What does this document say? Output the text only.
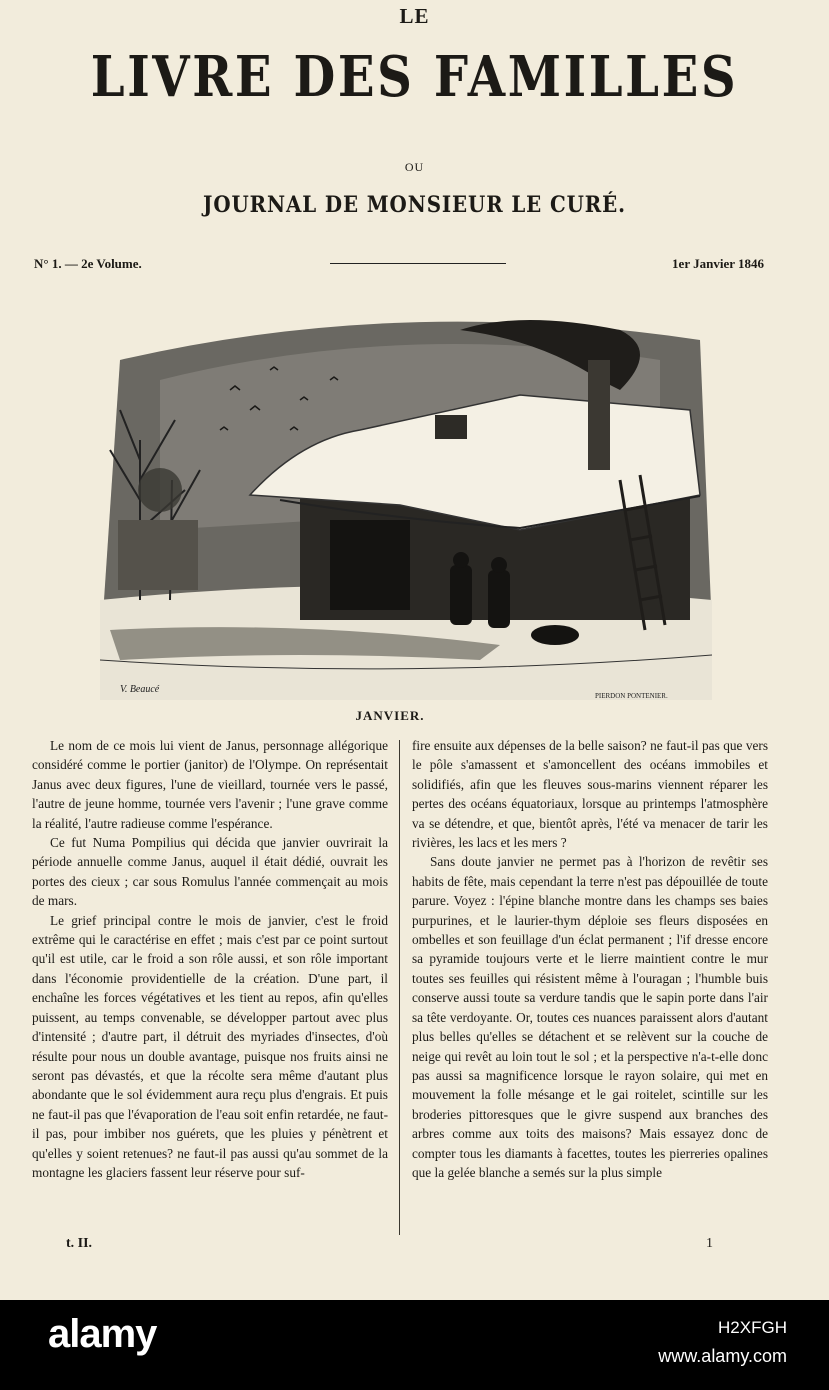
LE
LIVRE DES FAMILLES
OU
JOURNAL DE MONSIEUR LE CURÉ.
N° 1. — 2e Volume.	1er Janvier 1846
V. Beaucé
PIERDON PONTENIER.
JANVIER.

Le nom de ce mois lui vient de Janus, personnage allégorique considéré comme le portier (janitor) de l'Olympe. On représentait Janus avec deux figures, l'une de vieillard, tournée vers le passé, l'autre de jeune homme, tournée vers l'avenir ; l'une grave comme la réalité, l'autre radieuse comme l'espérance.

Ce fut Numa Pompilius qui décida que janvier ouvrirait la période annuelle comme Janus, auquel il était dédié, ouvrait les portes des cieux ; car sous Romulus l'année commençait au mois de mars.

Le grief principal contre le mois de janvier, c'est le froid extrême qui le caractérise en effet ; mais c'est par ce point surtout qu'il est utile, car le froid a son rôle aussi, et son rôle important dans l'économie providentielle de la création. D'une part, il enchaîne les forces végétatives et les tient au repos, afin qu'elles puissent, au temps convenable, se développer partout avec plus d'intensité ; d'autre part, il détruit des myriades d'insectes, d'où résulte pour nous un double avantage, puisque nos fruits ainsi ne seront pas dévastés, et que la récolte sera même d'autant plus abondante que le sol évidemment aura reçu plus d'engrais. Et puis ne faut-il pas que l'évaporation de l'eau soit enfin retardée, ne faut-il pas, pour imbiber nos guérets, que les pluies y pénètrent et qu'elles y soient retenues? ne faut-il pas aussi qu'au sommet de la montagne les glaciers fassent leur réserve pour suf-

fire ensuite aux dépenses de la belle saison? ne faut-il pas que vers le pôle s'amassent et s'amoncellent des océans immobiles et solidifiés, afin que les fleuves sous-marins viennent réparer les pertes des océans équatoriaux, lorsque au printemps l'atmosphère va se détendre, et que, bientôt après, l'été va menacer de tarir les rivières, les lacs et les mers ?

Sans doute janvier ne permet pas à l'horizon de revêtir ses habits de fête, mais cependant la terre n'est pas dépouillée de toute parure. Voyez : l'épine blanche montre dans les champs ses baies purpurines, et le laurier-thym déploie ses fleurs disposées en ombelles et son feuillage d'un éclat permanent ; l'if dresse encore sa pyramide toujours verte et le lierre maintient contre le mur toutes ses feuilles qui résistent même à l'ouragan ; l'humble buis conserve aussi toute sa verdure tandis que le sapin porte dans l'air sa tête verdoyante. Or, toutes ces nuances paraissent alors d'autant plus belles qu'elles se détachent et se relèvent sur la couche de neige qui revêt au loin tout le sol ; et la perspective n'a-t-elle donc pas aussi sa magnificence lorsque le rayon solaire, qui met en mouvement la folle mésange et le gai roitelet, scintille sur les broderies pittoresques que le givre suspend aux branches des arbres comme aux toits des maisons? Mais essayez donc de compter tous les diamants à facettes, toutes les pierreries opalines que la gelée blanche a semés sur la plus simple

t. II.	1
alamy	H2XFGH
www.alamy.com
